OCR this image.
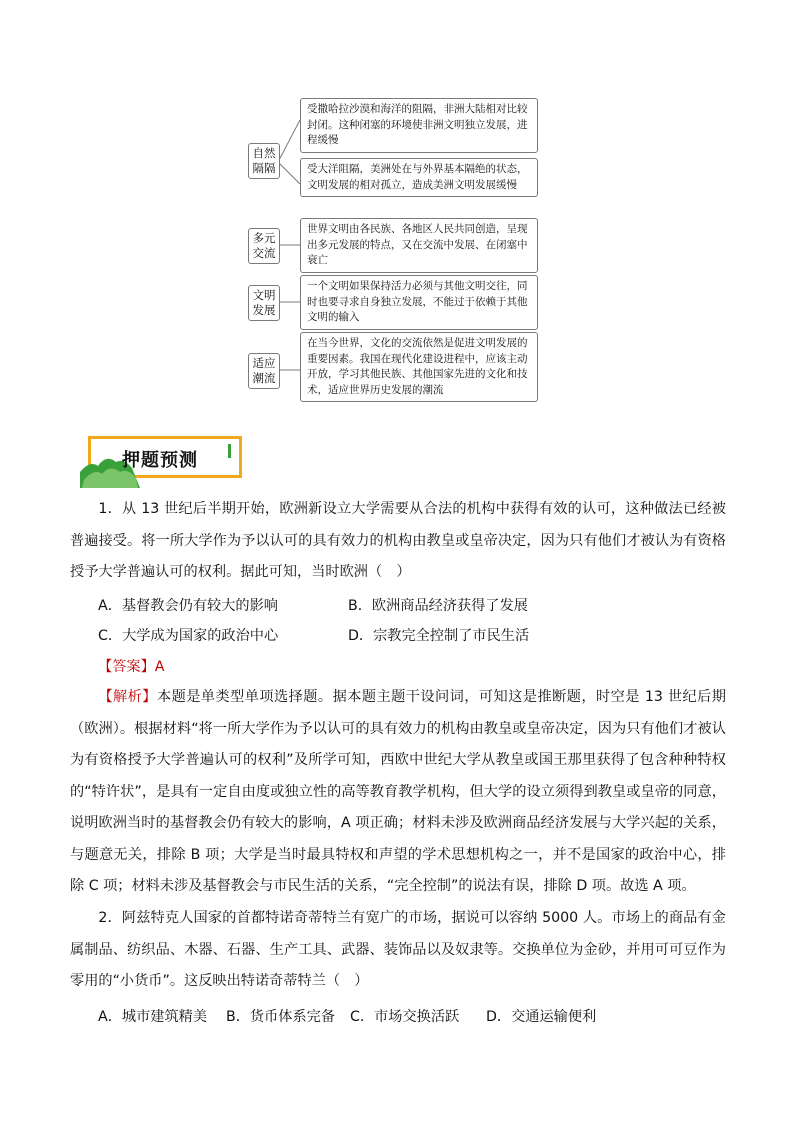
自然隔隔
受撒哈拉沙漠和海洋的阻隔，非洲大陆相对比较封闭。这种闭塞的环境使非洲文明独立发展，进程缓慢
受大洋阻隔，美洲处在与外界基本隔绝的状态，文明发展的相对孤立，造成美洲文明发展缓慢
多元交流
世界文明由各民族、各地区人民共同创造，呈现出多元发展的特点，又在交流中发展、在闭塞中衰亡
文明发展
一个文明如果保持活力必须与其他文明交往，同时也要寻求自身独立发展，不能过于依赖于其他文明的输入
适应潮流
在当今世界，文化的交流依然是促进文明发展的重要因素。我国在现代化建设进程中，应该主动开放，学习其他民族、其他国家先进的文化和技术，适应世界历史发展的潮流
押题预测
1．从 13 世纪后半期开始，欧洲新设立大学需要从合法的机构中获得有效的认可，这种做法已经被普遍接受。将一所大学作为予以认可的具有效力的机构由教皇或皇帝决定，因为只有他们才被认为有资格授予大学普遍认可的权利。据此可知，当时欧洲（　）
A．基督教会仍有较大的影响	B．欧洲商品经济获得了发展
C．大学成为国家的政治中心	D．宗教完全控制了市民生活
【答案】A
【解析】本题是单类型单项选择题。据本题主题干设问词，可知这是推断题，时空是 13 世纪后期（欧洲）。根据材料“将一所大学作为予以认可的具有效力的机构由教皇或皇帝决定，因为只有他们才被认为有资格授予大学普遍认可的权利”及所学可知，西欧中世纪大学从教皇或国王那里获得了包含种种特权的“特许状”，是具有一定自由度或独立性的高等教育教学机构，但大学的设立须得到教皇或皇帝的同意，说明欧洲当时的基督教会仍有较大的影响，A 项正确；材料未涉及欧洲商品经济发展与大学兴起的关系，与题意无关，排除 B 项；大学是当时最具特权和声望的学术思想机构之一，并不是国家的政治中心，排除 C 项；材料未涉及基督教会与市民生活的关系，“完全控制”的说法有误，排除 D 项。故选 A 项。
2．阿兹特克人国家的首都特诺奇蒂特兰有宽广的市场，据说可以容纳 5000 人。市场上的商品有金属制品、纺织品、木器、石器、生产工具、武器、装饰品以及奴隶等。交换单位为金砂，并用可可豆作为零用的“小货币”。这反映出特诺奇蒂特兰（　）
A．城市建筑精美 B．货币体系完备 C．市场交换活跃 D．交通运输便利
